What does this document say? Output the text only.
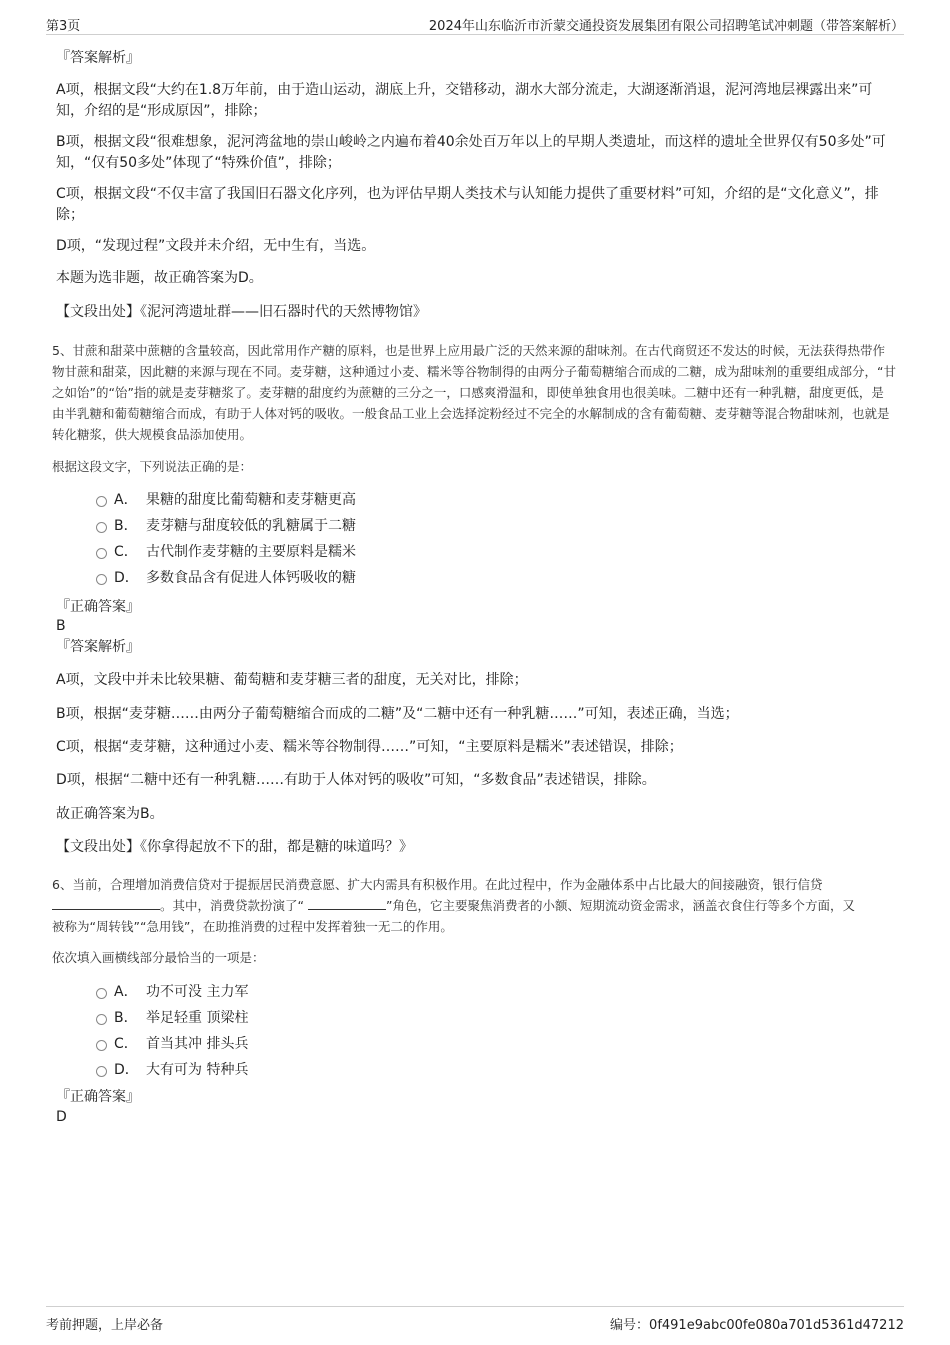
第3页	2024年山东临沂市沂蒙交通投资发展集团有限公司招聘笔试冲刺题（带答案解析）
『答案解析』

A项，根据文段“大约在1.8万年前，由于造山运动，湖底上升，交错移动，湖水大部分流走，大湖逐渐消退，泥河湾地层裸露出来”可知，介绍的是“形成原因”，排除；

B项，根据文段“很难想象，泥河湾盆地的崇山峻岭之内遍布着40余处百万年以上的早期人类遗址，而这样的遗址全世界仅有50多处”可知，“仅有50多处”体现了“特殊价值”，排除；

C项，根据文段“不仅丰富了我国旧石器文化序列，也为评估早期人类技术与认知能力提供了重要材料”可知，介绍的是“文化意义”，排除；

D项，“发现过程”文段并未介绍，无中生有，当选。

本题为选非题，故正确答案为D。

【文段出处】《泥河湾遗址群——旧石器时代的天然博物馆》

5、甘蔗和甜菜中蔗糖的含量较高，因此常用作产糖的原料，也是世界上应用最广泛的天然来源的甜味剂。在古代商贸还不发达的时候，无法获得热带作物甘蔗和甜菜，因此糖的来源与现在不同。麦芽糖，这种通过小麦、糯米等谷物制得的由两分子葡萄糖缩合而成的二糖，成为甜味剂的重要组成部分，“甘之如饴”的“饴”指的就是麦芽糖浆了。麦芽糖的甜度约为蔗糖的三分之一，口感爽滑温和，即使单独食用也很美味。二糖中还有一种乳糖，甜度更低，是由半乳糖和葡萄糖缩合而成，有助于人体对钙的吸收。一般食品工业上会选择淀粉经过不完全的水解制成的含有葡萄糖、麦芽糖等混合物甜味剂，也就是转化糖浆，供大规模食品添加使用。

根据这段文字，下列说法正确的是：

A． 果糖的甜度比葡萄糖和麦芽糖更高
B． 麦芽糖与甜度较低的乳糖属于二糖
C． 古代制作麦芽糖的主要原料是糯米
D． 多数食品含有促进人体钙吸收的糖
『正确答案』
B
『答案解析』

A项，文段中并未比较果糖、葡萄糖和麦芽糖三者的甜度，无关对比，排除；

B项，根据“麦芽糖……由两分子葡萄糖缩合而成的二糖”及“二糖中还有一种乳糖……”可知，表述正确，当选；

C项，根据“麦芽糖，这种通过小麦、糯米等谷物制得……”可知，“主要原料是糯米”表述错误，排除；

D项，根据“二糖中还有一种乳糖……有助于人体对钙的吸收”可知，“多数食品”表述错误，排除。

故正确答案为B。

【文段出处】《你拿得起放不下的甜，都是糖的味道吗？》

6、当前，合理增加消费信贷对于提振居民消费意愿、扩大内需具有积极作用。在此过程中，作为金融体系中占比最大的间接融资，银行信贷

。其中，消费贷款扮演了“	”角色，它主要聚焦消费者的小额、短期流动资金需求，涵盖衣食住行等多个方面，又

被称为“周转钱”“急用钱”，在助推消费的过程中发挥着独一无二的作用。

依次填入画横线部分最恰当的一项是：

A． 功不可没 主力军
B． 举足轻重 顶梁柱
C． 首当其冲 排头兵
D． 大有可为 特种兵
『正确答案』
D
考前押题，上岸必备	编号：0f491e9abc00fe080a701d5361d47212
